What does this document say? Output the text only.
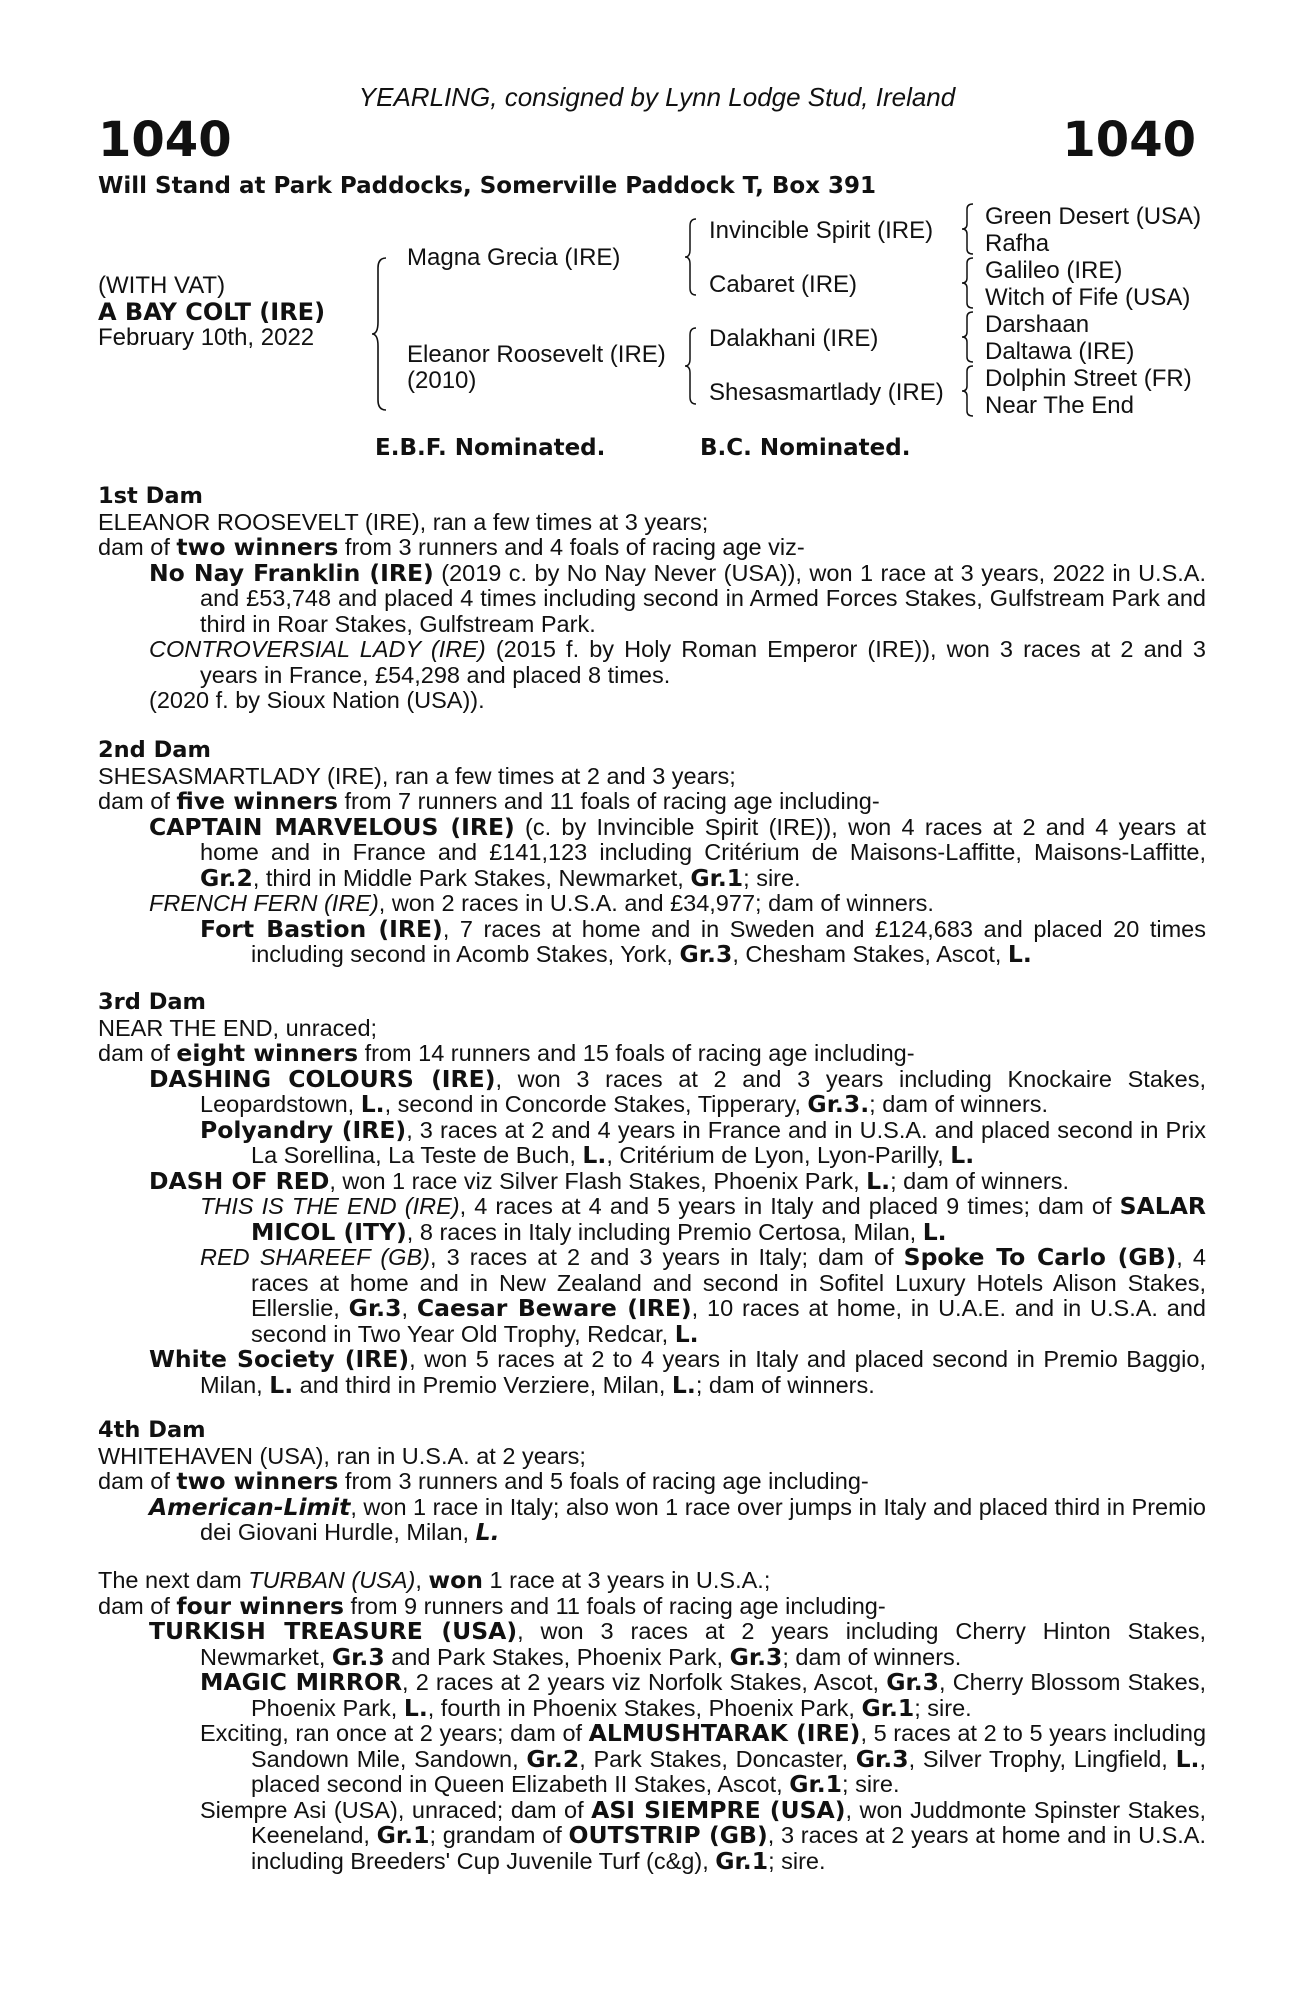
YEARLING, consigned by Lynn Lodge Stud, Ireland
1040	1040
Will Stand at Park Paddocks, Somerville Paddock T, Box 391
(WITH VAT)
A BAY COLT (IRE)
February 10th, 2022
Magna Grecia (IRE)
Eleanor Roosevelt (IRE)
(2010)
Invincible Spirit (IRE)
Cabaret (IRE)
Dalakhani (IRE)
Shesasmartlady (IRE)
Green Desert (USA)
Rafha
Galileo (IRE)
Witch of Fife (USA)
Darshaan
Daltawa (IRE)
Dolphin Street (FR)
Near The End
E.B.F. Nominated.	B.C. Nominated.

1st Dam

ELEANOR ROOSEVELT (IRE), ran a few times at 3 years;

dam of two winners from 3 runners and 4 foals of racing age viz-

No Nay Franklin (IRE) (2019 c. by No Nay Never (USA)), won 1 race at 3 years, 2022 in U.S.A. and £53,748 and placed 4 times including second in Armed Forces Stakes, Gulfstream Park and third in Roar Stakes, Gulfstream Park.

CONTROVERSIAL LADY (IRE) (2015 f. by Holy Roman Emperor (IRE)), won 3 races at 2 and 3 years in France, £54,298 and placed 8 times.

(2020 f. by Sioux Nation (USA)).

2nd Dam

SHESASMARTLADY (IRE), ran a few times at 2 and 3 years;

dam of five winners from 7 runners and 11 foals of racing age including-

CAPTAIN MARVELOUS (IRE) (c. by Invincible Spirit (IRE)), won 4 races at 2 and 4 years at home and in France and £141,123 including Critérium de Maisons-Laffitte, Maisons-Laffitte, Gr.2, third in Middle Park Stakes, Newmarket, Gr.1; sire.

FRENCH FERN (IRE), won 2 races in U.S.A. and £34,977; dam of winners.

Fort Bastion (IRE), 7 races at home and in Sweden and £124,683 and placed 20 times including second in Acomb Stakes, York, Gr.3, Chesham Stakes, Ascot, L.

3rd Dam

NEAR THE END, unraced;

dam of eight winners from 14 runners and 15 foals of racing age including-

DASHING COLOURS (IRE), won 3 races at 2 and 3 years including Knockaire Stakes, Leopardstown, L., second in Concorde Stakes, Tipperary, Gr.3.; dam of winners.

Polyandry (IRE), 3 races at 2 and 4 years in France and in U.S.A. and placed second in Prix La Sorellina, La Teste de Buch, L., Critérium de Lyon, Lyon-Parilly, L.

DASH OF RED, won 1 race viz Silver Flash Stakes, Phoenix Park, L.; dam of winners.

THIS IS THE END (IRE), 4 races at 4 and 5 years in Italy and placed 9 times; dam of SALAR MICOL (ITY), 8 races in Italy including Premio Certosa, Milan, L.

RED SHAREEF (GB), 3 races at 2 and 3 years in Italy; dam of Spoke To Carlo (GB), 4 races at home and in New Zealand and second in Sofitel Luxury Hotels Alison Stakes, Ellerslie, Gr.3, Caesar Beware (IRE), 10 races at home, in U.A.E. and in U.S.A. and second in Two Year Old Trophy, Redcar, L.

White Society (IRE), won 5 races at 2 to 4 years in Italy and placed second in Premio Baggio, Milan, L. and third in Premio Verziere, Milan, L.; dam of winners.

4th Dam

WHITEHAVEN (USA), ran in U.S.A. at 2 years;

dam of two winners from 3 runners and 5 foals of racing age including-

American-Limit, won 1 race in Italy; also won 1 race over jumps in Italy and placed third in Premio dei Giovani Hurdle, Milan, L.

The next dam TURBAN (USA), won 1 race at 3 years in U.S.A.;

dam of four winners from 9 runners and 11 foals of racing age including-

TURKISH TREASURE (USA), won 3 races at 2 years including Cherry Hinton Stakes, Newmarket, Gr.3 and Park Stakes, Phoenix Park, Gr.3; dam of winners.

MAGIC MIRROR, 2 races at 2 years viz Norfolk Stakes, Ascot, Gr.3, Cherry Blossom Stakes, Phoenix Park, L., fourth in Phoenix Stakes, Phoenix Park, Gr.1; sire.

Exciting, ran once at 2 years; dam of ALMUSHTARAK (IRE), 5 races at 2 to 5 years including Sandown Mile, Sandown, Gr.2, Park Stakes, Doncaster, Gr.3, Silver Trophy, Lingfield, L., placed second in Queen Elizabeth II Stakes, Ascot, Gr.1; sire.

Siempre Asi (USA), unraced; dam of ASI SIEMPRE (USA), won Juddmonte Spinster Stakes, Keeneland, Gr.1; grandam of OUTSTRIP (GB), 3 races at 2 years at home and in U.S.A. including Breeders' Cup Juvenile Turf (c&g), Gr.1; sire.
